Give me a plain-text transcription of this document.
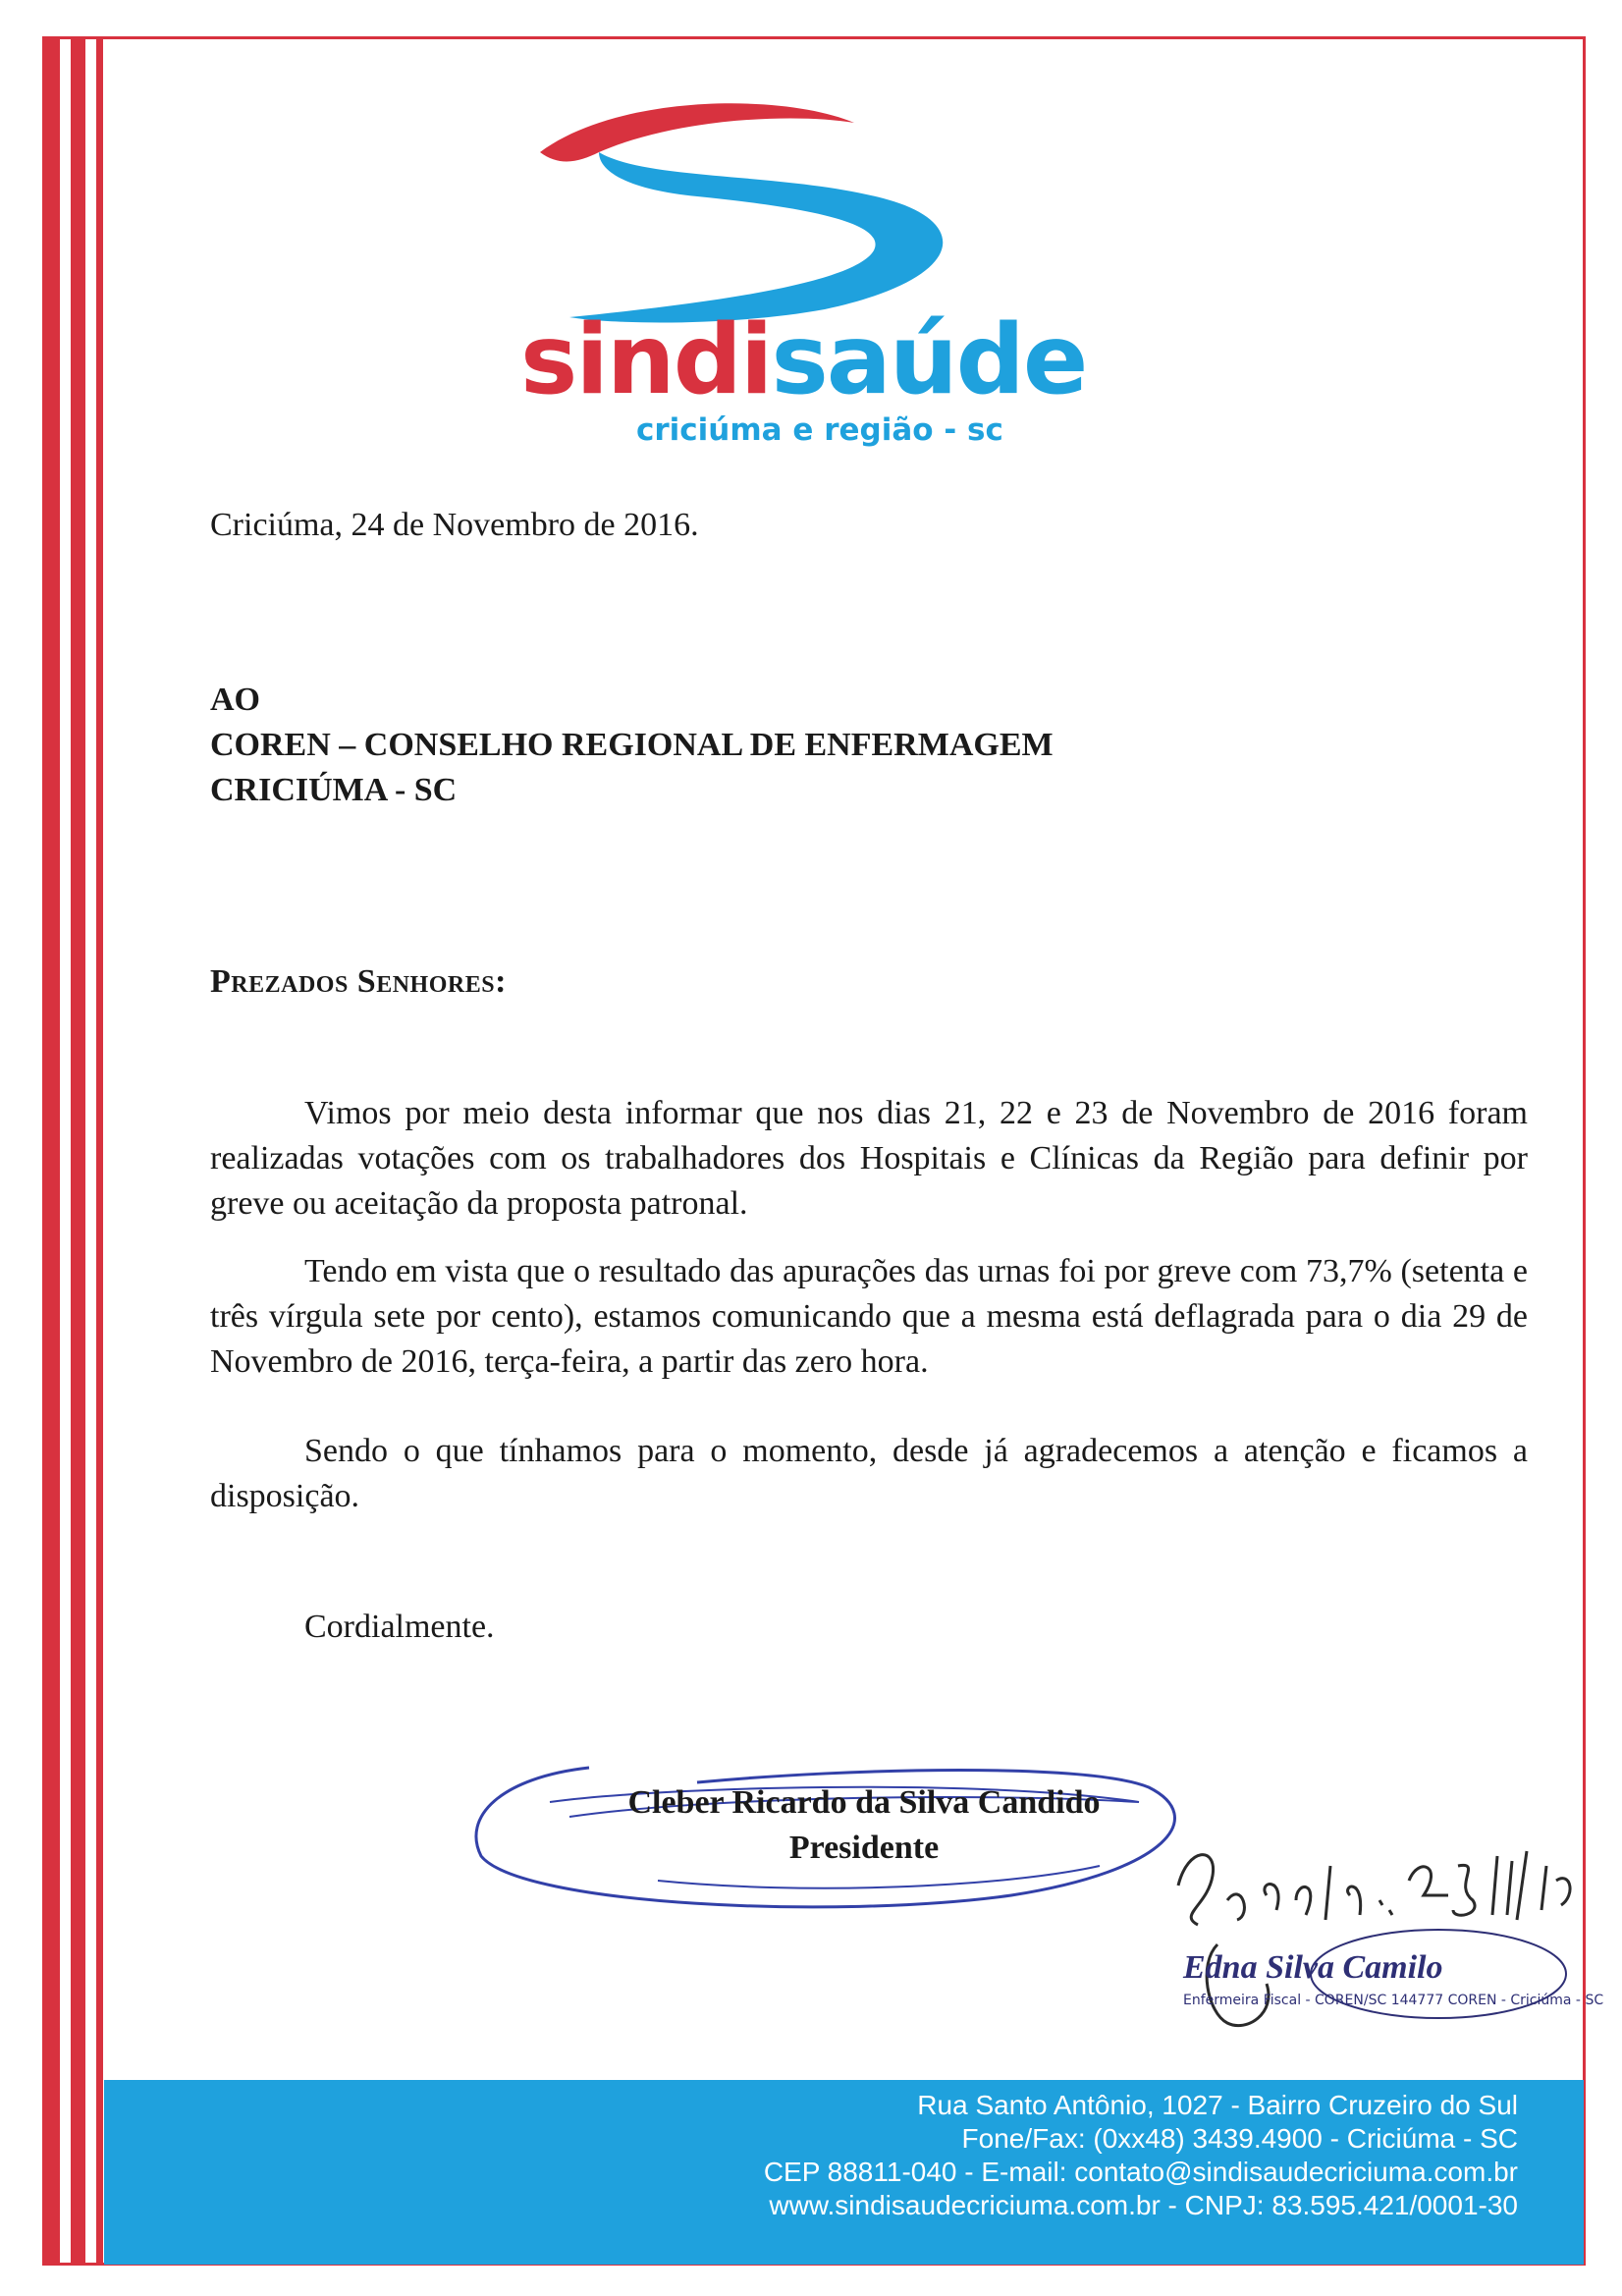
sindisaúde
criciúma e região - sc
Criciúma, 24 de Novembro de 2016.
AO
COREN – CONSELHO REGIONAL DE ENFERMAGEM
CRICIÚMA - SC
Prezados Senhores:

Vimos por meio desta informar que nos dias 21, 22 e 23 de Novembro de 2016 foram realizadas votações com os trabalhadores dos Hospitais e Clínicas da Região para definir por greve ou aceitação da proposta patronal.

Tendo em vista que o resultado das apurações das urnas foi por greve com 73,7% (setenta e três vírgula sete por cento), estamos comunicando que a mesma está deflagrada para o dia 29 de Novembro de 2016, terça-feira, a partir das zero hora.

Sendo o que tínhamos para o momento, desde já agradecemos a atenção e ficamos a disposição.

Cordialmente.
Cleber Ricardo da Silva Candido
Presidente
Edna Silva Camilo
Enfermeira Fiscal - COREN/SC 144777 COREN - Criciúma - SC
Rua Santo Antônio, 1027 - Bairro Cruzeiro do Sul
Fone/Fax: (0xx48) 3439.4900 - Criciúma - SC
CEP 88811-040 - E-mail: contato@sindisaudecriciuma.com.br
www.sindisaudecriciuma.com.br - CNPJ: 83.595.421/0001-30
